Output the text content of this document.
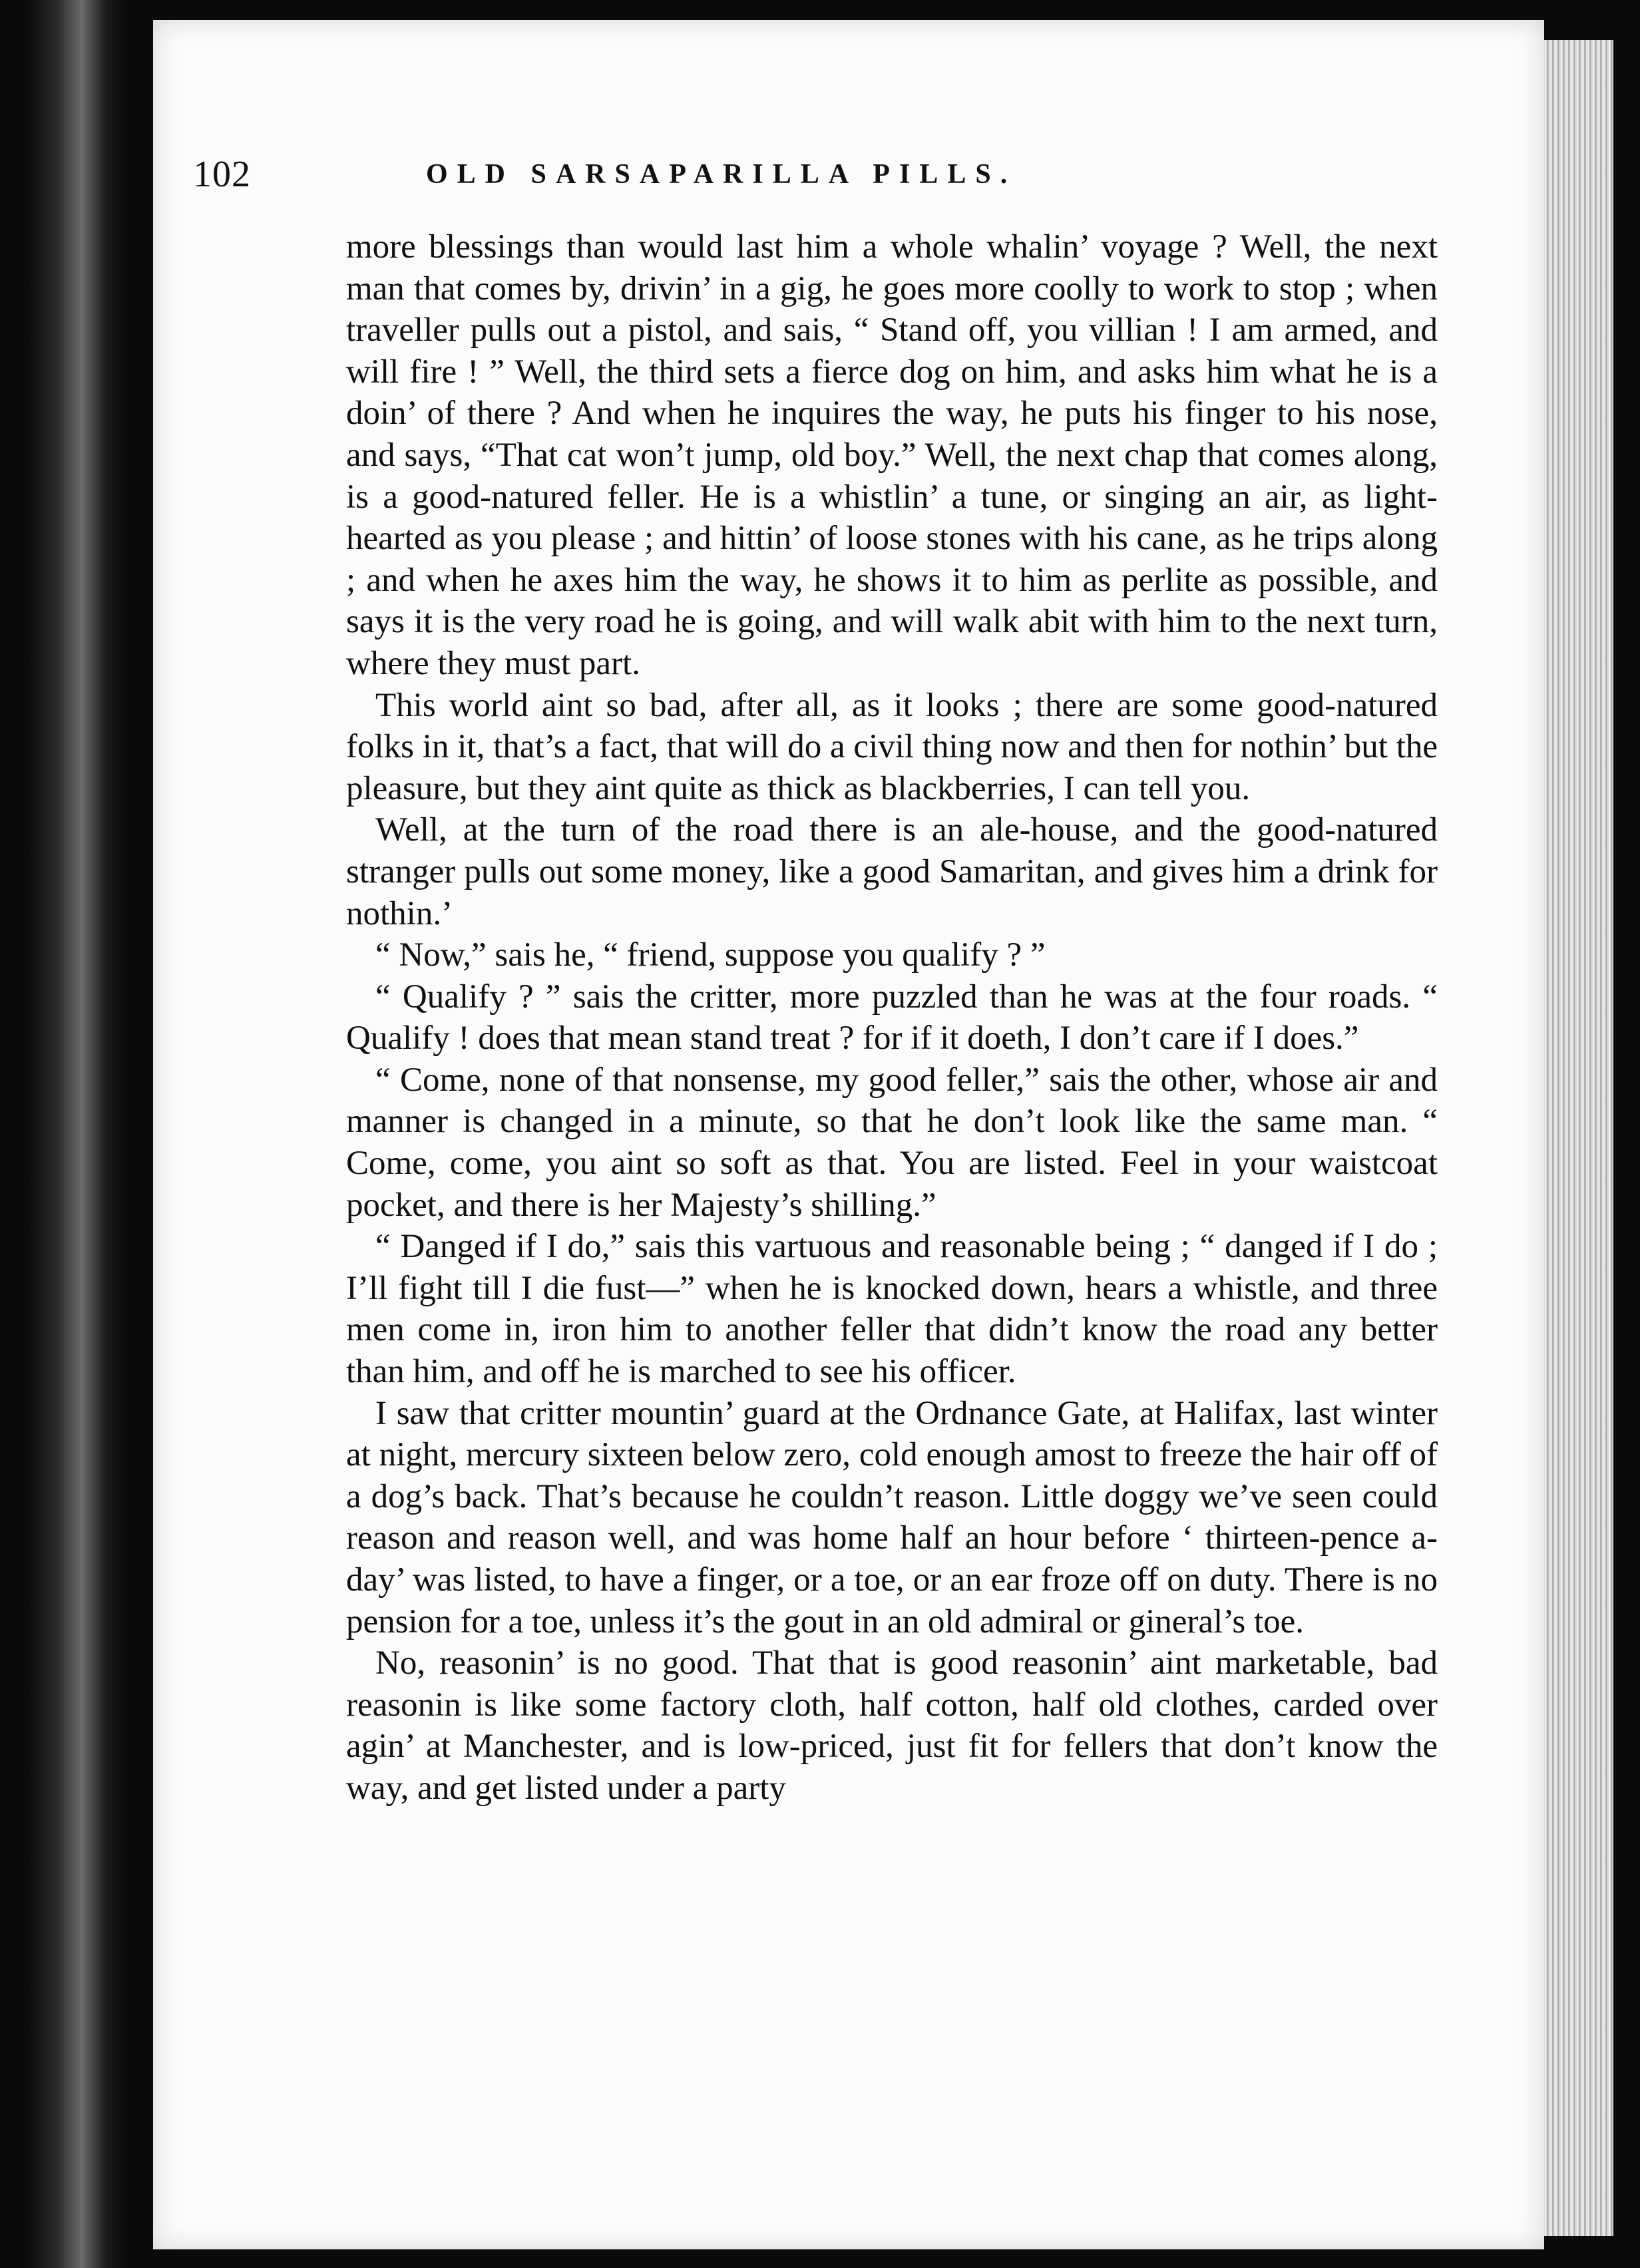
102	OLD SARSAPARILLA PILLS.

more blessings than would last him a whole whalin’ voyage ? Well, the next man that comes by, drivin’ in a gig, he goes more coolly to work to stop ; when traveller pulls out a pistol, and sais, “ Stand off, you villian ! I am armed, and will fire ! ” Well, the third sets a fierce dog on him, and asks him what he is a doin’ of there ? And when he inquires the way, he puts his finger to his nose, and says, “That cat won’t jump, old boy.” Well, the next chap that comes along, is a good-natured feller. He is a whistlin’ a tune, or singing an air, as light-hearted as you please ; and hittin’ of loose stones with his cane, as he trips along ; and when he axes him the way, he shows it to him as perlite as possible, and says it is the very road he is going, and will walk abit with him to the next turn, where they must part.

This world aint so bad, after all, as it looks ; there are some good-natured folks in it, that’s a fact, that will do a civil thing now and then for nothin’ but the pleasure, but they aint quite as thick as blackberries, I can tell you.

Well, at the turn of the road there is an ale-house, and the good-natured stranger pulls out some money, like a good Samaritan, and gives him a drink for nothin.’

“ Now,” sais he, “ friend, suppose you qualify ? ”

“ Qualify ? ” sais the critter, more puzzled than he was at the four roads. “ Qualify ! does that mean stand treat ? for if it doeth, I don’t care if I does.”

“ Come, none of that nonsense, my good feller,” sais the other, whose air and manner is changed in a minute, so that he don’t look like the same man. “ Come, come, you aint so soft as that. You are listed. Feel in your waistcoat pocket, and there is her Majesty’s shilling.”

“ Danged if I do,” sais this vartuous and reasonable being ; “ danged if I do ; I’ll fight till I die fust—” when he is knocked down, hears a whistle, and three men come in, iron him to another feller that didn’t know the road any better than him, and off he is marched to see his officer.

I saw that critter mountin’ guard at the Ordnance Gate, at Halifax, last winter at night, mercury sixteen below zero, cold enough amost to freeze the hair off of a dog’s back. That’s because he couldn’t reason. Little doggy we’ve seen could reason and reason well, and was home half an hour before ‘ thirteen-pence a-day’ was listed, to have a finger, or a toe, or an ear froze off on duty. There is no pension for a toe, unless it’s the gout in an old admiral or gineral’s toe.

No, reasonin’ is no good. That that is good reasonin’ aint marketable, bad reasonin is like some factory cloth, half cotton, half old clothes, carded over agin’ at Manchester, and is low-priced, just fit for fellers that don’t know the way, and get listed under a party
